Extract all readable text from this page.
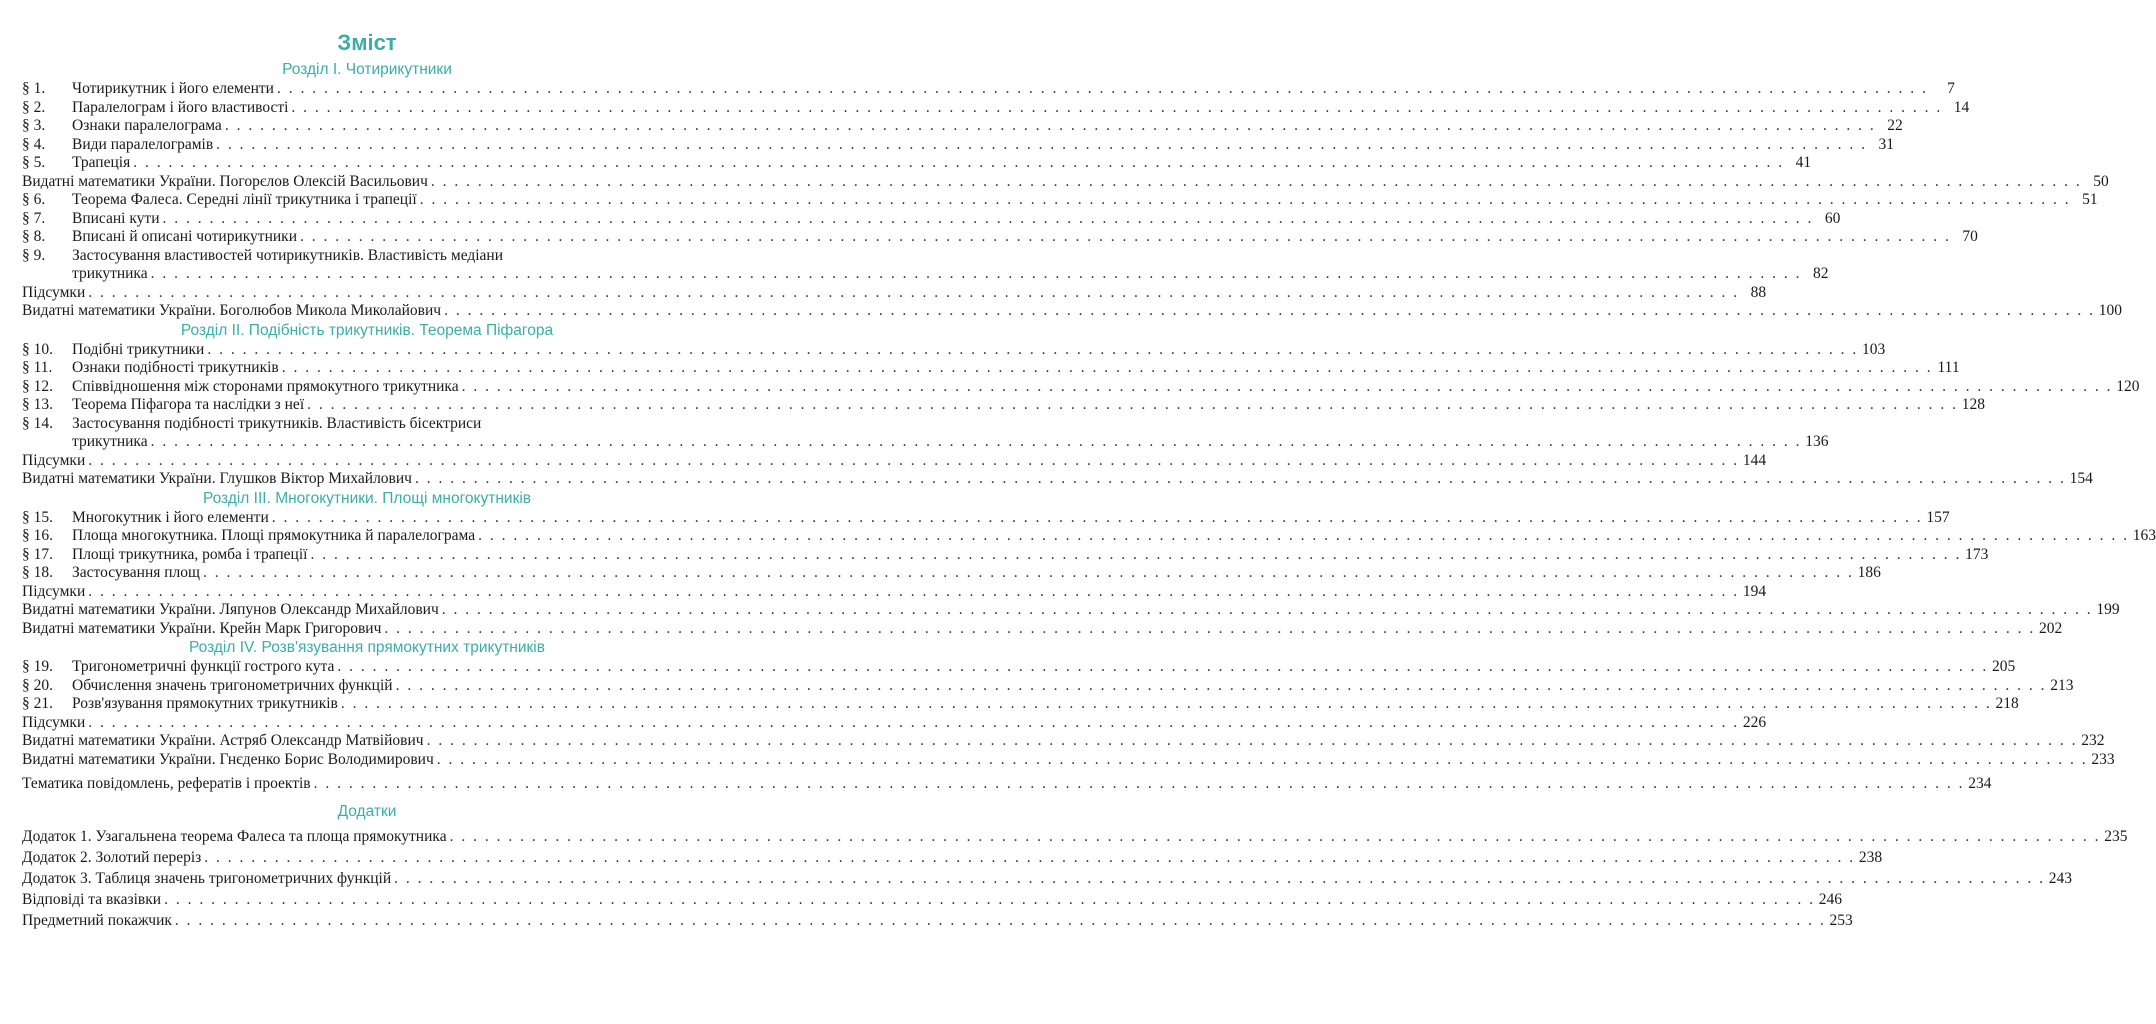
Зміст
Розділ І. Чотирикутники
§ 1.	Чотирикутник і його елементи . . .	7
§ 2.	Паралелограм і його властивості . . .	14
§ 3.	Ознаки паралелограма . . .	22
§ 4.	Види паралелограмів . . .	31
§ 5.	Трапеція . . .	41
Видатні математики України. Погорєлов Олексій Васильович . . .	50
§ 6.	Теорема Фалеса. Середні лінії трикутника і трапеції . . .	51
§ 7.	Вписані кути . . .	60
§ 8.	Вписані й описані чотирикутники . . .	70
§ 9.	Застосування властивостей чотирикутників. Властивість медіани
трикутника . . .	82
Підсумки . . .	88
Видатні математики України. Боголюбов Микола Миколайович . . .	100
Розділ ІІ. Подібність трикутників. Теорема Піфагора
§ 10.	Подібні трикутники . . .	103
§ 11.	Ознаки подібності трикутників . . .	111
§ 12.	Співвідношення між сторонами прямокутного трикутника . . .	120
§ 13.	Теорема Піфагора та наслідки з неї . . .	128
§ 14.	Застосування подібності трикутників. Властивість бісектриси
трикутника . . .	136
Підсумки . . .	144
Видатні математики України. Глушков Віктор Михайлович . . .	154
Розділ ІІІ. Многокутники. Площі многокутників
§ 15.	Многокутник і його елементи . . .	157
§ 16.	Площа многокутника. Площі прямокутника й паралелограма . . .	163
§ 17.	Площі трикутника, ромба і трапеції . . .	173
§ 18.	Застосування площ . . .	186
Підсумки . . .	194
Видатні математики України. Ляпунов Олександр Михайлович . . .	199
Видатні математики України. Крейн Марк Григорович . . .	202
Розділ IV. Розв'язування прямокутних трикутників
§ 19.	Тригонометричні функції гострого кута . . .	205
§ 20.	Обчислення значень тригонометричних функцій . . .	213
§ 21.	Розв'язування прямокутних трикутників . . .	218
Підсумки . . .	226
Видатні математики України. Астряб Олександр Матвійович . . .	232
Видатні математики України. Гнєденко Борис Володимирович . . .	233
Тематика повідомлень, рефератів і проектів . . .	234
Додатки
Додаток 1. Узагальнена теорема Фалеса та площа прямокутника . . .	235
Додаток 2. Золотий переріз . . .	238
Додаток 3. Таблиця значень тригонометричних функцій . . .	243
Відповіді та вказівки . . .	246
Предметний покажчик . . .	253
